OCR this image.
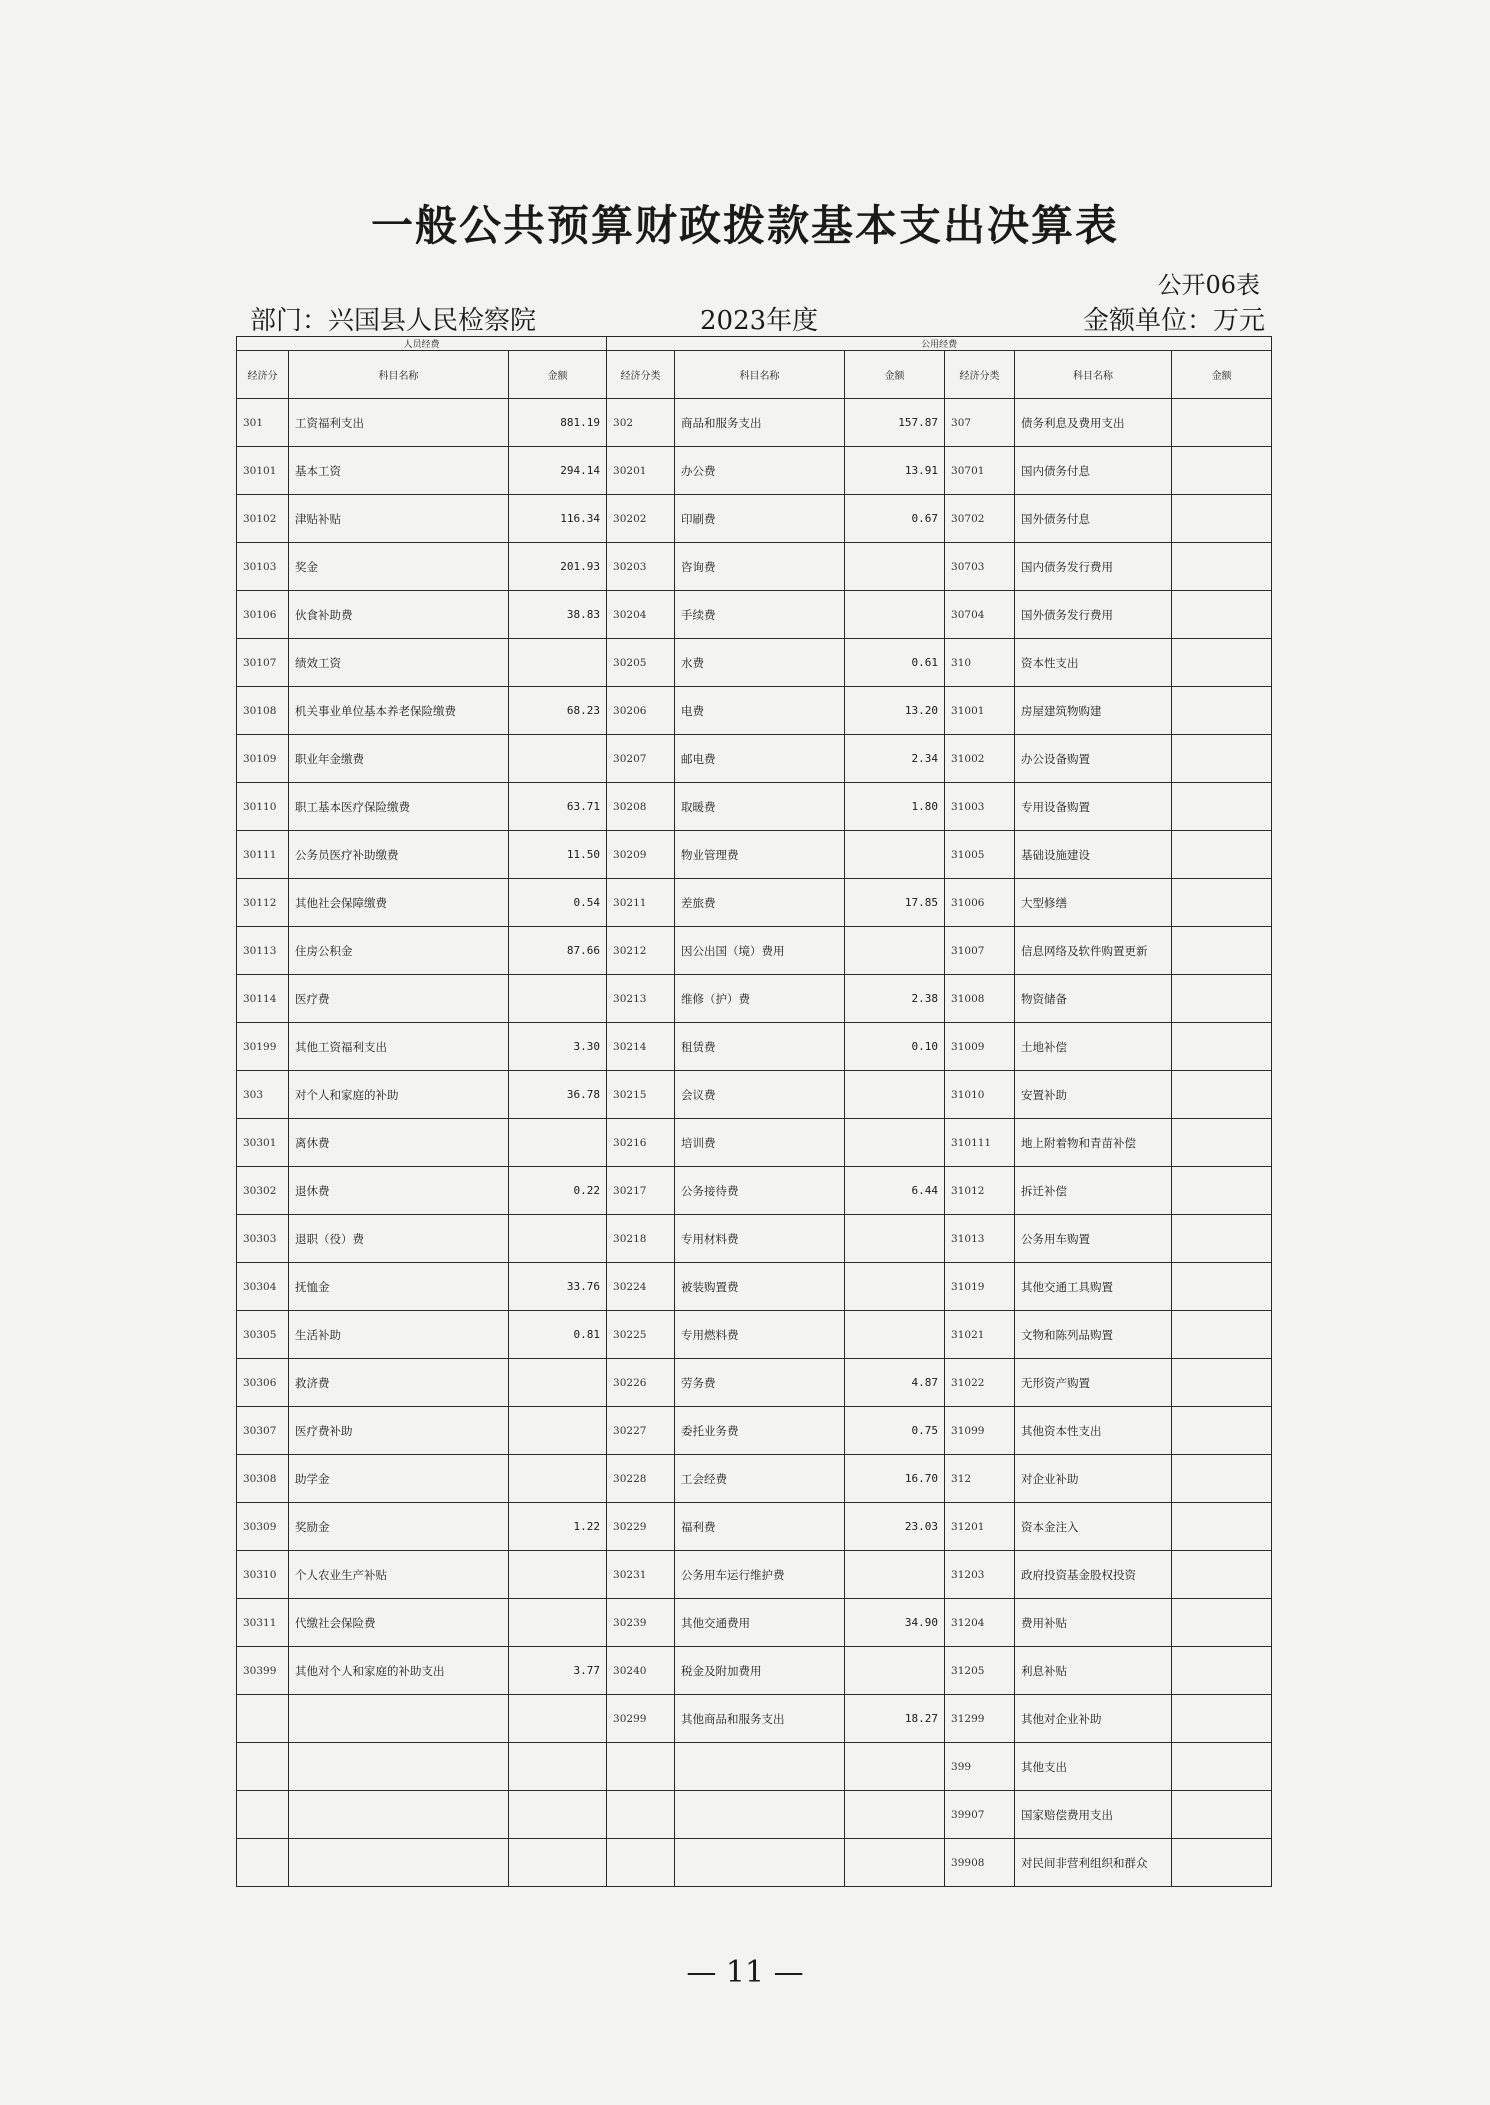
一般公共预算财政拨款基本支出决算表
公开06表
部门：兴国县人民检察院	2023年度	金额单位：万元
人员经费			公用经费					
经济分	科目名称	金额	经济分类	科目名称	金额	经济分类	科目名称	金额
301	工资福利支出	881.19	302	商品和服务支出	157.87	307	债务利息及费用支出	
30101	基本工资	294.14	30201	办公费	13.91	30701	国内债务付息	
30102	津贴补贴	116.34	30202	印刷费	0.67	30702	国外债务付息	
30103	奖金	201.93	30203	咨询费		30703	国内债务发行费用	
30106	伙食补助费	38.83	30204	手续费		30704	国外债务发行费用	
30107	绩效工资		30205	水费	0.61	310	资本性支出	
30108	机关事业单位基本养老保险缴费	68.23	30206	电费	13.20	31001	房屋建筑物购建	
30109	职业年金缴费		30207	邮电费	2.34	31002	办公设备购置	
30110	职工基本医疗保险缴费	63.71	30208	取暖费	1.80	31003	专用设备购置	
30111	公务员医疗补助缴费	11.50	30209	物业管理费		31005	基础设施建设	
30112	其他社会保障缴费	0.54	30211	差旅费	17.85	31006	大型修缮	
30113	住房公积金	87.66	30212	因公出国（境）费用		31007	信息网络及软件购置更新	
30114	医疗费		30213	维修（护）费	2.38	31008	物资储备	
30199	其他工资福利支出	3.30	30214	租赁费	0.10	31009	土地补偿	
303	对个人和家庭的补助	36.78	30215	会议费		31010	安置补助	
30301	离休费		30216	培训费		310111	地上附着物和青苗补偿	
30302	退休费	0.22	30217	公务接待费	6.44	31012	拆迁补偿	
30303	退职（役）费		30218	专用材料费		31013	公务用车购置	
30304	抚恤金	33.76	30224	被装购置费		31019	其他交通工具购置	
30305	生活补助	0.81	30225	专用燃料费		31021	文物和陈列品购置	
30306	救济费		30226	劳务费	4.87	31022	无形资产购置	
30307	医疗费补助		30227	委托业务费	0.75	31099	其他资本性支出	
30308	助学金		30228	工会经费	16.70	312	对企业补助	
30309	奖励金	1.22	30229	福利费	23.03	31201	资本金注入	
30310	个人农业生产补贴		30231	公务用车运行维护费		31203	政府投资基金股权投资	
30311	代缴社会保险费		30239	其他交通费用	34.90	31204	费用补贴	
30399	其他对个人和家庭的补助支出	3.77	30240	税金及附加费用		31205	利息补贴	
			30299	其他商品和服务支出	18.27	31299	其他对企业补助	
						399	其他支出	
						39907	国家赔偿费用支出	
						39908	对民间非营利组织和群众	
— 11 —
